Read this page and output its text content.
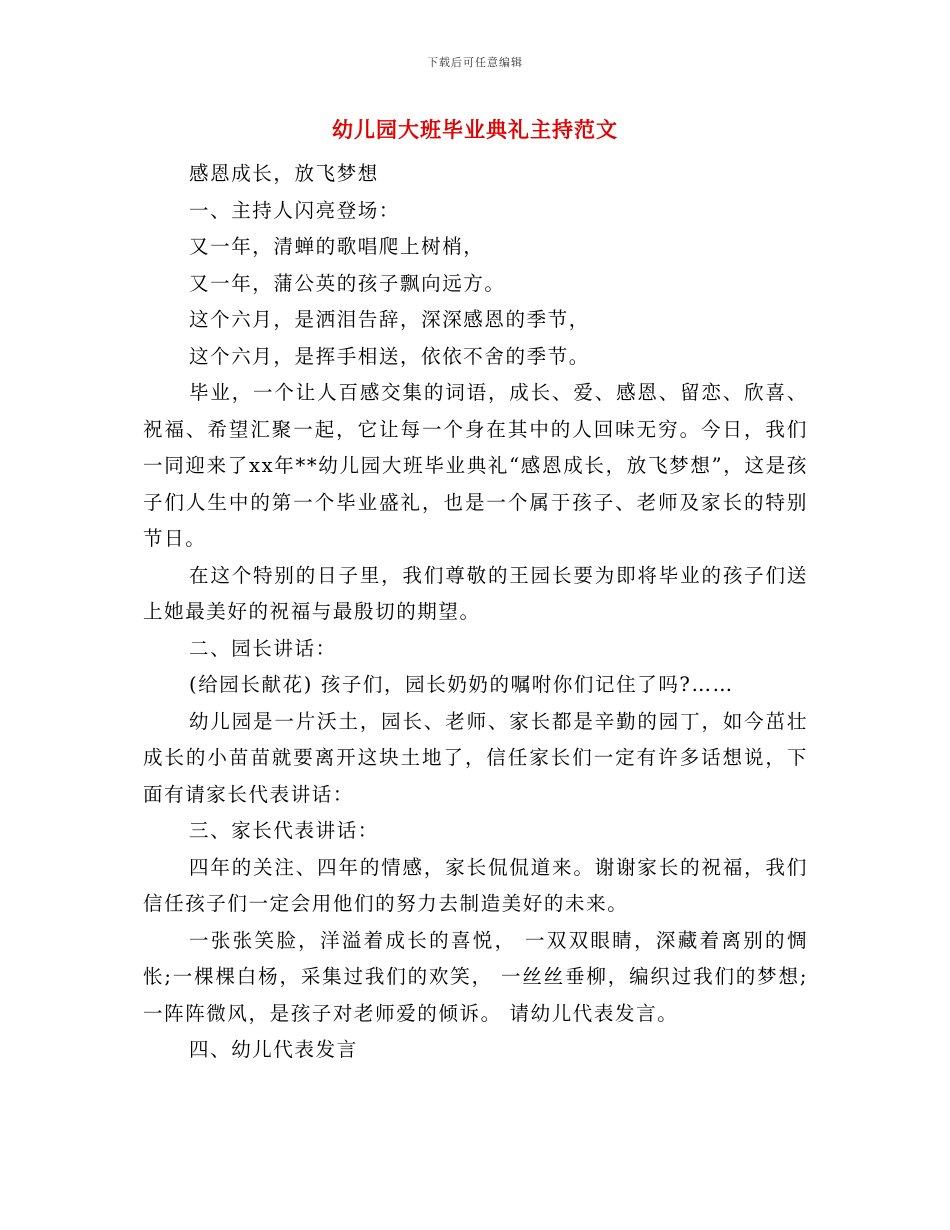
下载后可任意编辑
幼儿园大班毕业典礼主持范文

感恩成长，放飞梦想

一、主持人闪亮登场：

又一年，清蝉的歌唱爬上树梢，

又一年，蒲公英的孩子飘向远方。

这个六月，是洒泪告辞，深深感恩的季节，

这个六月，是挥手相送，依依不舍的季节。

毕业，一个让人百感交集的词语，成长、爱、感恩、留恋、欣喜、祝福、希望汇聚一起，它让每一个身在其中的人回味无穷。今日，我们一同迎来了xx年**幼儿园大班毕业典礼“感恩成长，放飞梦想”，这是孩子们人生中的第一个毕业盛礼，也是一个属于孩子、老师及家长的特别节日。

在这个特别的日子里，我们尊敬的王园长要为即将毕业的孩子们送上她最美好的祝福与最殷切的期望。

二、园长讲话：

(给园长献花) 孩子们，园长奶奶的嘱咐你们记住了吗?……

幼儿园是一片沃土，园长、老师、家长都是辛勤的园丁，如今茁壮成长的小苗苗就要离开这块土地了，信任家长们一定有许多话想说，下面有请家长代表讲话：

三、家长代表讲话：

四年的关注、四年的情感，家长侃侃道来。谢谢家长的祝福，我们信任孩子们一定会用他们的努力去制造美好的未来。

一张张笑脸，洋溢着成长的喜悦， 一双双眼睛，深藏着离别的惆怅;一棵棵白杨，采集过我们的欢笑， 一丝丝垂柳，编织过我们的梦想;一阵阵微风，是孩子对老师爱的倾诉。 请幼儿代表发言。

四、幼儿代表发言
